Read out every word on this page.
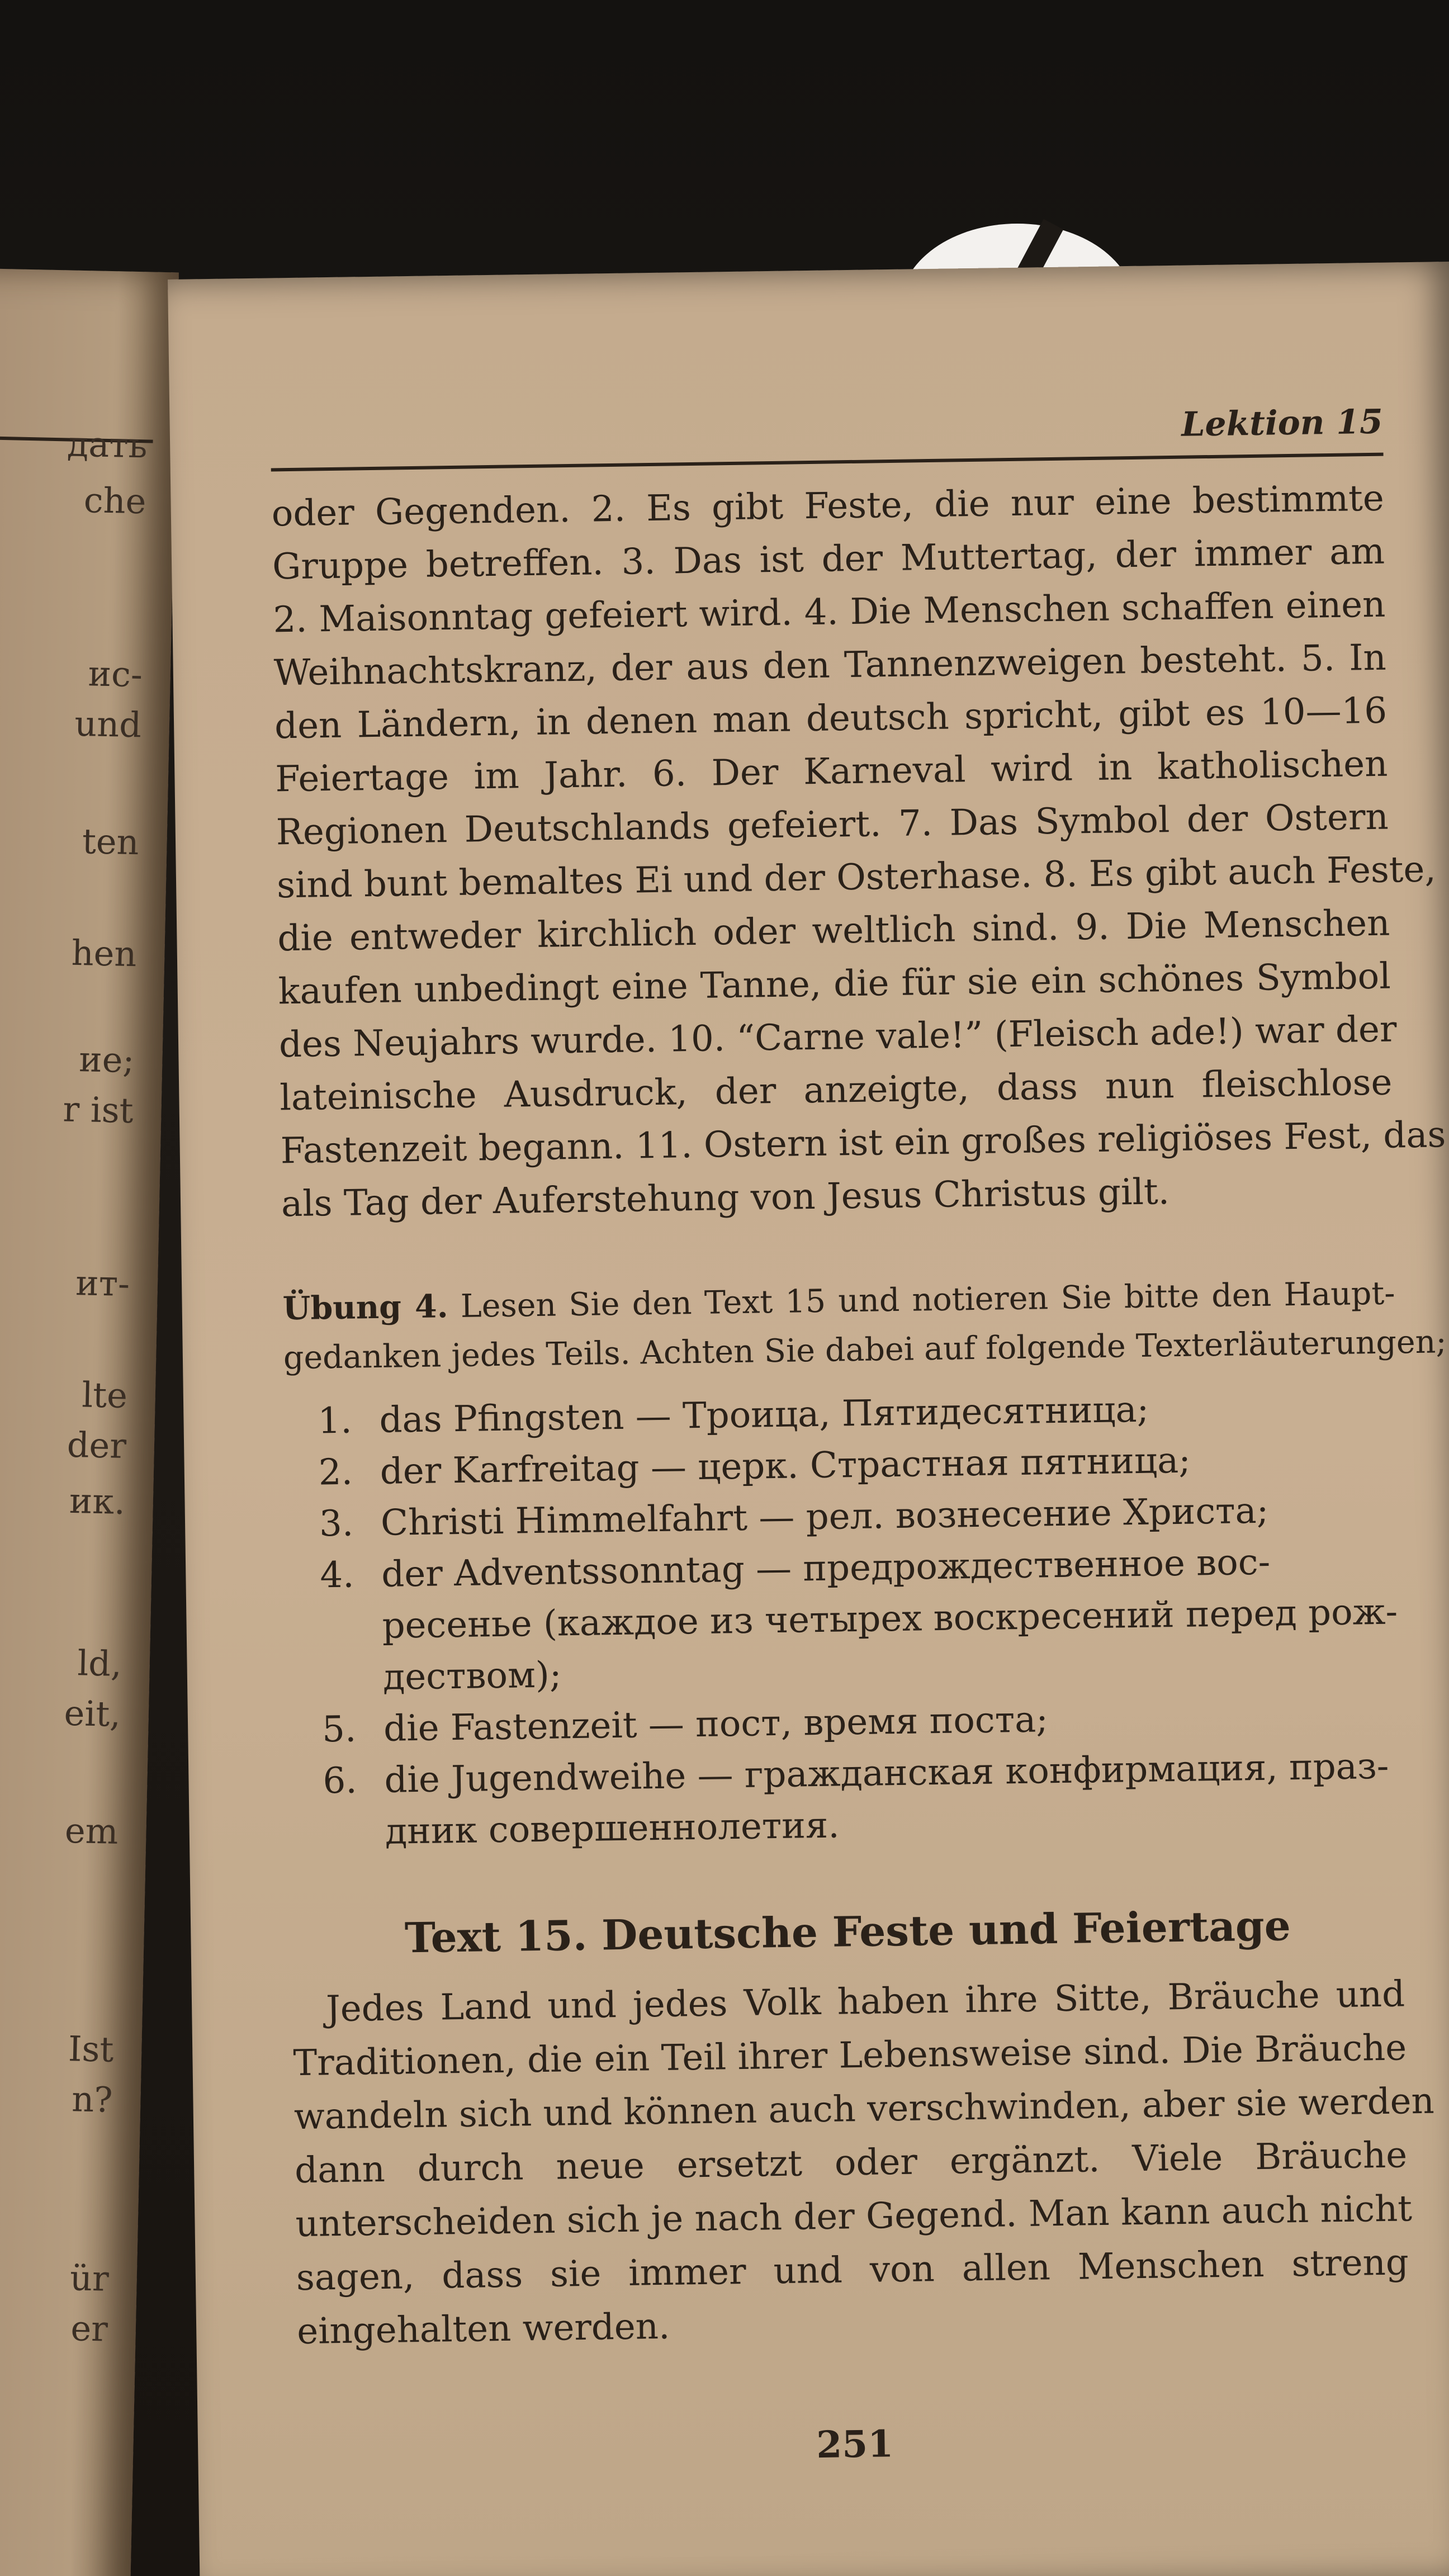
дать
che
ис-
und
ten
hen
ие;
r ist
ит-
lte
der
ик.
ld,
eit,
em
Ist
n?
ür
er
Lektion 15
oder Gegenden. 2. Es gibt Feste, die nur eine bestimmte
Gruppe betreffen. 3. Das ist der Muttertag, der immer am
2. Maisonntag gefeiert wird. 4. Die Menschen schaffen einen
Weihnachtskranz, der aus den Tannenzweigen besteht. 5. In
den Ländern, in denen man deutsch spricht, gibt es 10—16
Feiertage im Jahr. 6. Der Karneval wird in katholischen
Regionen Deutschlands gefeiert. 7. Das Symbol der Ostern
sind bunt bemaltes Ei und der Osterhase. 8. Es gibt auch Feste,
die entweder kirchlich oder weltlich sind. 9. Die Menschen
kaufen unbedingt eine Tanne, die für sie ein schönes Symbol
des Neujahrs wurde. 10. “Carne vale!” (Fleisch ade!) war der
lateinische Ausdruck, der anzeigte, dass nun fleischlose
Fastenzeit begann. 11. Ostern ist ein großes religiöses Fest, das
als Tag der Auferstehung von Jesus Christus gilt.
Übung 4. Lesen Sie den Text 15 und notieren Sie bitte den Haupt-
gedanken jedes Teils. Achten Sie dabei auf folgende Texterläuterungen;
1. das Pfingsten — Троица, Пятидесятница;
2. der Karfreitag — церк. Страстная пятница;
3. Christi Himmelfahrt — рел. вознесение Христа;
4. der Adventssonntag — предрождественное вос-
ресенье (каждое из четырех воскресений перед рож-
деством);
5. die Fastenzeit — пост, время поста;
6. die Jugendweihe — гражданская конфирмация, праз-
дник совершеннолетия.
Text 15. Deutsche Feste und Feiertage
Jedes Land und jedes Volk haben ihre Sitte, Bräuche und
Traditionen, die ein Teil ihrer Lebensweise sind. Die Bräuche
wandeln sich und können auch verschwinden, aber sie werden
dann durch neue ersetzt oder ergänzt. Viele Bräuche
unterscheiden sich je nach der Gegend. Man kann auch nicht
sagen, dass sie immer und von allen Menschen streng
eingehalten werden.
251
